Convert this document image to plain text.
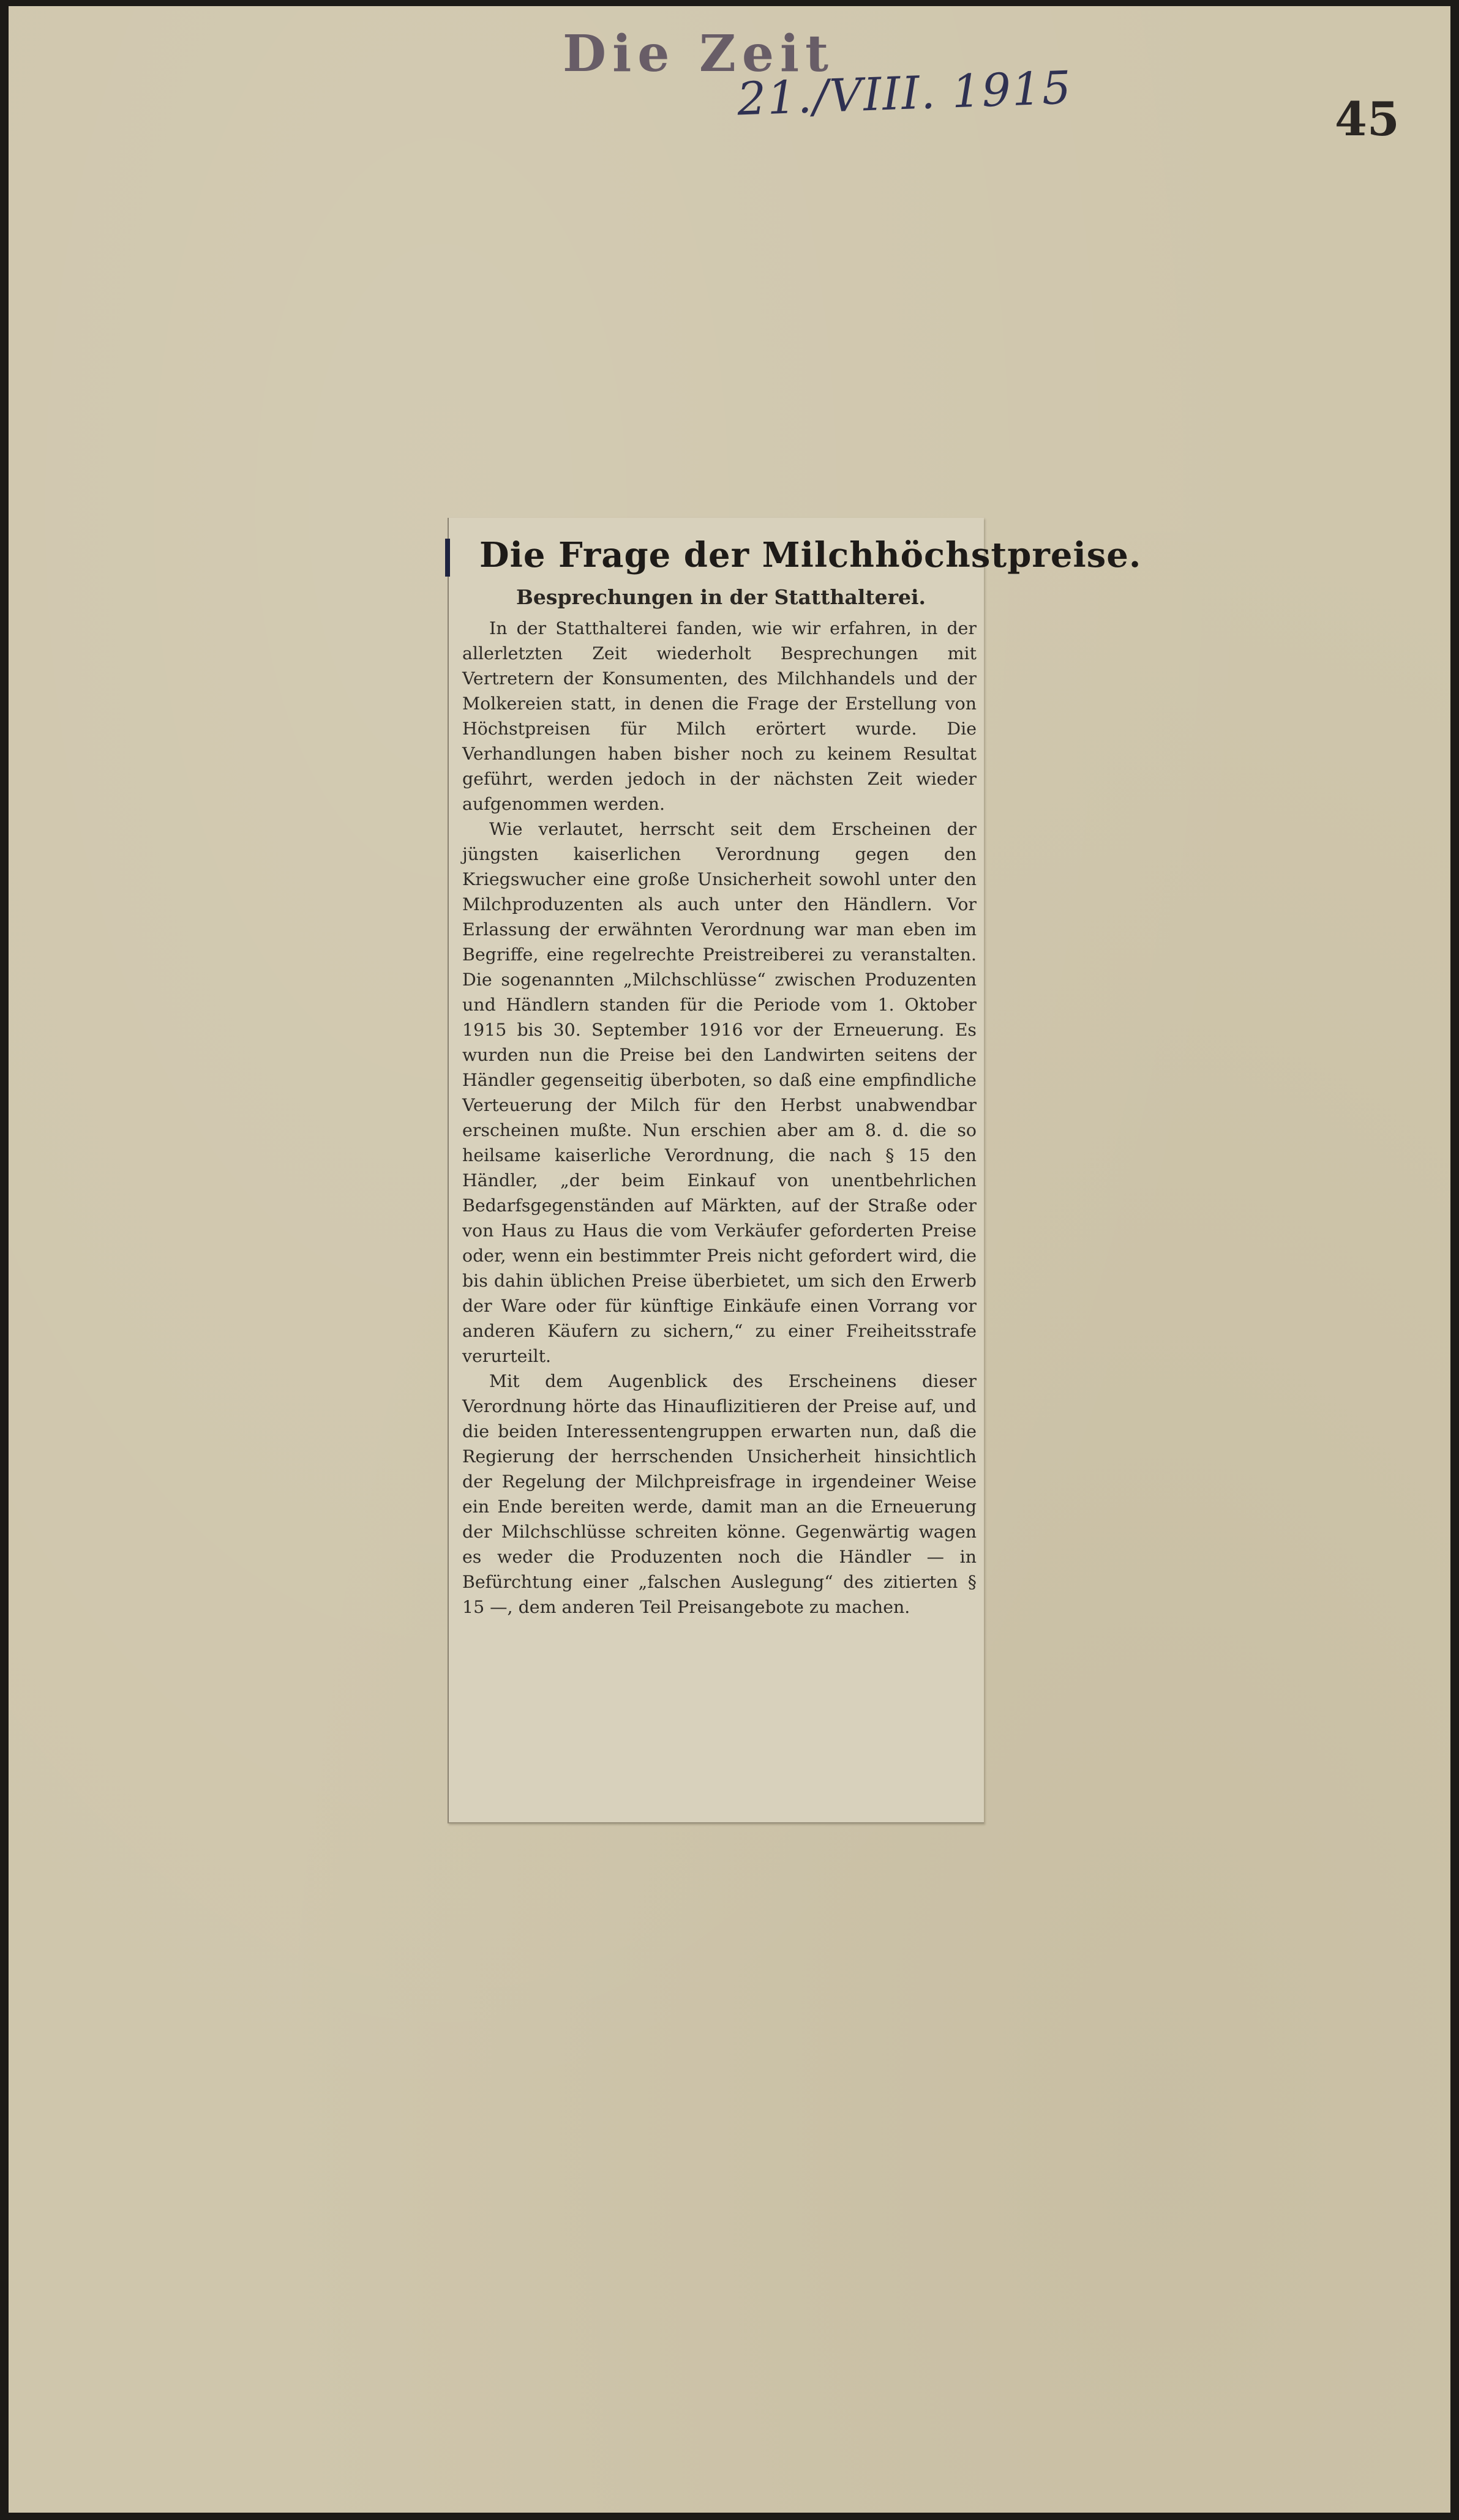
Die Zeit
21./VIII. 1915	45
Die Frage der Milchhöchstpreise.
Besprechungen in der Statthalterei.

In der Statthalterei fanden, wie wir erfahren, in der allerletzten Zeit wiederholt Besprechungen mit Vertretern der Konsumenten, des Milchhandels und der Molkereien statt, in denen die Frage der Erstellung von Höchstpreisen für Milch erörtert wurde. Die Verhandlungen haben bisher noch zu keinem Resultat geführt, werden jedoch in der nächsten Zeit wieder aufgenommen werden.

Wie verlautet, herrscht seit dem Erscheinen der jüngsten kaiserlichen Verordnung gegen den Kriegswucher eine große Unsicherheit sowohl unter den Milchproduzenten als auch unter den Händlern. Vor Erlassung der erwähnten Verordnung war man eben im Begriffe, eine regelrechte Preistreiberei zu veranstalten. Die sogenannten „Milchschlüsse“ zwischen Produzenten und Händlern standen für die Periode vom 1. Oktober 1915 bis 30. September 1916 vor der Erneuerung. Es wurden nun die Preise bei den Landwirten seitens der Händler gegenseitig überboten, so daß eine empfindliche Verteuerung der Milch für den Herbst unabwendbar erscheinen mußte. Nun erschien aber am 8. d. die so heilsame kaiserliche Verordnung, die nach § 15 den Händler, „der beim Einkauf von unentbehrlichen Bedarfsgegenständen auf Märkten, auf der Straße oder von Haus zu Haus die vom Verkäufer geforderten Preise oder, wenn ein bestimmter Preis nicht gefordert wird, die bis dahin üblichen Preise überbietet, um sich den Erwerb der Ware oder für künftige Einkäufe einen Vorrang vor anderen Käufern zu sichern,“ zu einer Freiheitsstrafe verurteilt.

Mit dem Augenblick des Erscheinens dieser Verordnung hörte das Hinauflizitieren der Preise auf, und die beiden Interessentengruppen erwarten nun, daß die Regierung der herrschenden Unsicherheit hinsichtlich der Regelung der Milchpreisfrage in irgendeiner Weise ein Ende bereiten werde, damit man an die Erneuerung der Milchschlüsse schreiten könne. Gegenwärtig wagen es weder die Produzenten noch die Händler — in Befürchtung einer „falschen Auslegung“ des zitierten § 15 —, dem anderen Teil Preisangebote zu machen.
